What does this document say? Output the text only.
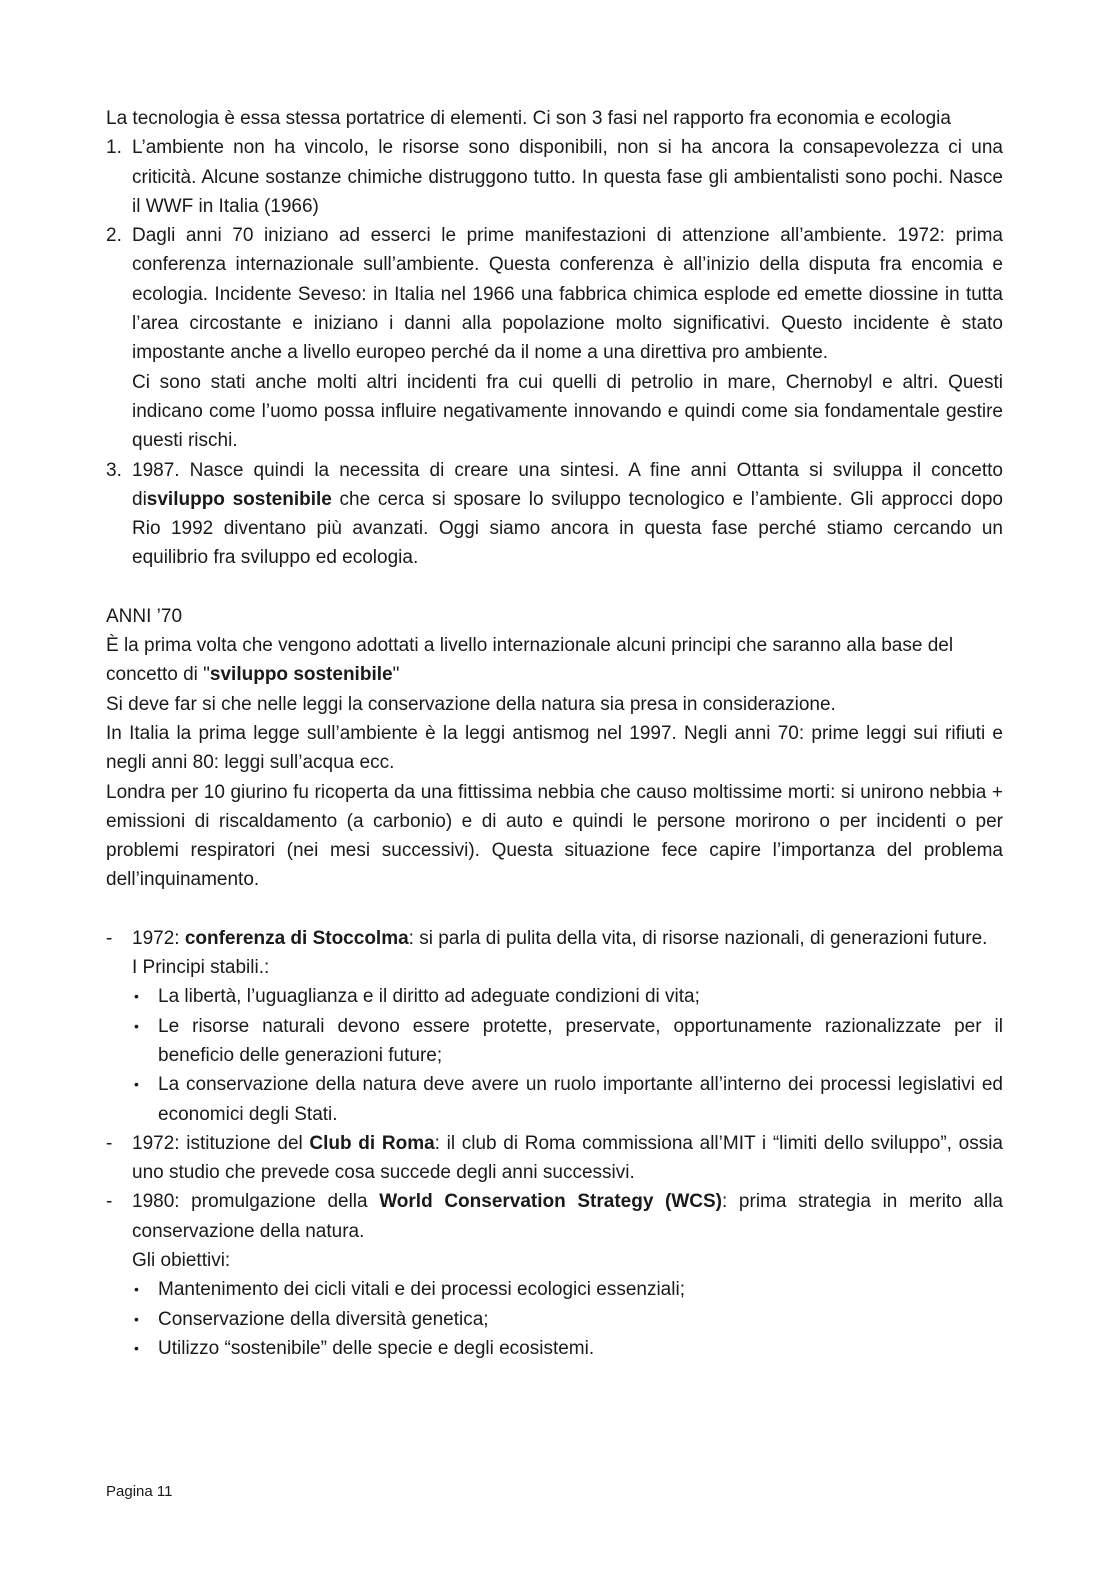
La tecnologia è essa stessa portatrice di elementi. Ci son 3 fasi nel rapporto fra economia e ecologia

1. L’ambiente non ha vincolo, le risorse sono disponibili, non si ha ancora la consapevolezza ci una criticità. Alcune sostanze chimiche distruggono tutto. In questa fase gli ambientalisti sono pochi. Nasce il WWF in Italia (1966)
2. Dagli anni 70 iniziano ad esserci le prime manifestazioni di attenzione all’ambiente. 1972: prima conferenza internazionale sull’ambiente. Questa conferenza è all’inizio della disputa fra encomia e ecologia. Incidente Seveso: in Italia nel 1966 una fabbrica chimica esplode ed emette diossine in tutta l’area circostante e iniziano i danni alla popolazione molto significativi. Questo incidente è stato impostante anche a livello europeo perché da il nome a una direttiva pro ambiente.

Ci sono stati anche molti altri incidenti fra cui quelli di petrolio in mare, Chernobyl e altri. Questi indicano come l’uomo possa influire negativamente innovando e quindi come sia fondamentale gestire questi rischi.

3. 1987. Nasce quindi la necessita di creare una sintesi. A fine anni Ottanta si sviluppa il concetto disviluppo sostenibile che cerca si sposare lo sviluppo tecnologico e l’ambiente. Gli approcci dopo Rio 1992 diventano più avanzati. Oggi siamo ancora in questa fase perché stiamo cercando un equilibrio fra sviluppo ed ecologia.

ANNI ’70

È la prima volta che vengono adottati a livello internazionale alcuni principi che saranno alla base del concetto di "sviluppo sostenibile"

Si deve far si che nelle leggi la conservazione della natura sia presa in considerazione.

In Italia la prima legge sull’ambiente è la leggi antismog nel 1997. Negli anni 70: prime leggi sui rifiuti e negli anni 80: leggi sull’acqua ecc.

Londra per 10 giurino fu ricoperta da una fittissima nebbia che causo moltissime morti: si unirono nebbia + emissioni di riscaldamento (a carbonio) e di auto e quindi le persone morirono o per incidenti o per problemi respiratori (nei mesi successivi). Questa situazione fece capire l’importanza del problema dell’inquinamento.

- 1972: conferenza di Stoccolma: si parla di pulita della vita, di risorse nazionali, di generazioni future.

I Principi stabili.:

• La libertà, l’uguaglianza e il diritto ad adeguate condizioni di vita;
• Le risorse naturali devono essere protette, preservate, opportunamente razionalizzate per il beneficio delle generazioni future;
• La conservazione della natura deve avere un ruolo importante all’interno dei processi legislativi ed economici degli Stati.
- 1972: istituzione del Club di Roma: il club di Roma commissiona all’MIT i “limiti dello sviluppo”, ossia uno studio che prevede cosa succede degli anni successivi.
- 1980: promulgazione della World Conservation Strategy (WCS): prima strategia in merito alla conservazione della natura.

Gli obiettivi:

• Mantenimento dei cicli vitali e dei processi ecologici essenziali;
• Conservazione della diversità genetica;
• Utilizzo “sostenibile” delle specie e degli ecosistemi.
Pagina 11
